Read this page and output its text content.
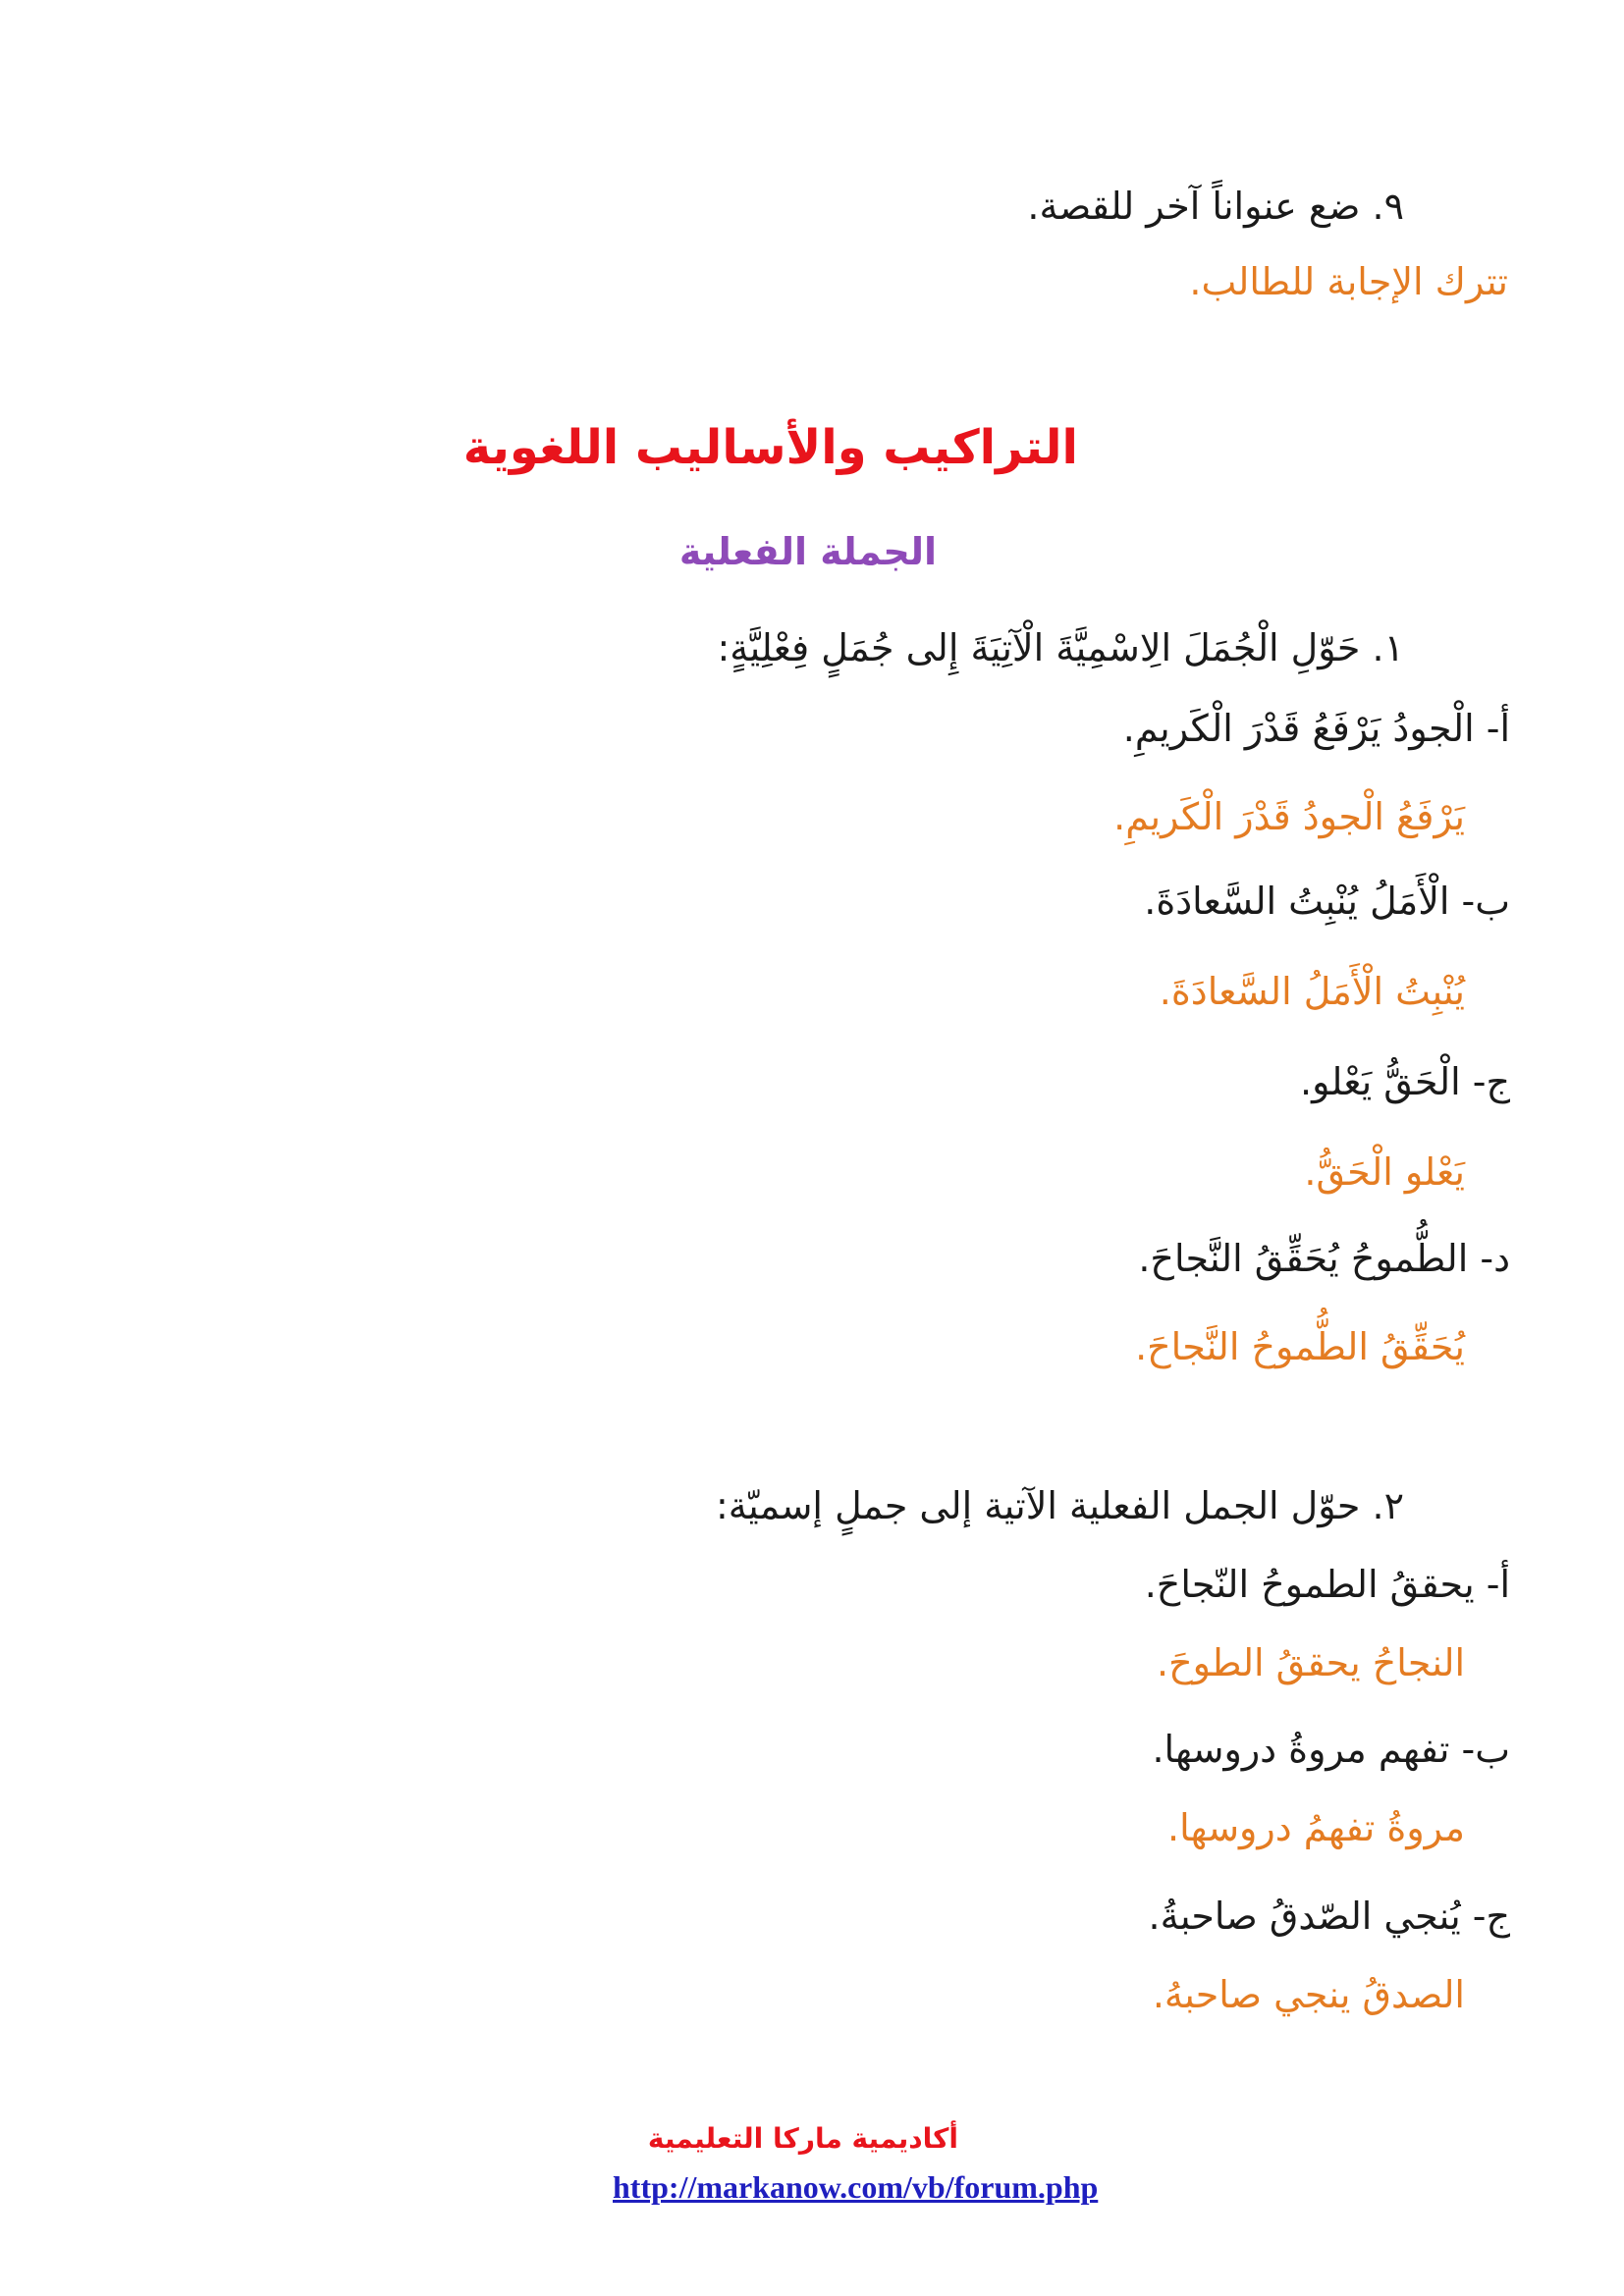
٩. ضع عنواناً آخر للقصة.
تترك الإجابة للطالب.
التراكيب والأساليب اللغوية
الجملة الفعلية
١. حَوّلِ الْجُمَلَ الِاسْمِيَّةَ الْآتِيَةَ إِلى جُمَلٍ فِعْلِيَّةٍ:
أ- الْجودُ يَرْفَعُ قَدْرَ الْكَريمِ.
يَرْفَعُ الْجودُ قَدْرَ الْكَريمِ.
ب- الْأَمَلُ يُنْبِتُ السَّعادَةَ.
يُنْبِتُ الْأَمَلُ السَّعادَةَ.
ج- الْحَقُّ يَعْلو.
يَعْلو الْحَقُّ.
د- الطُّموحُ يُحَقِّقُ النَّجاحَ.
يُحَقِّقُ الطُّموحُ النَّجاحَ.
٢. حوّل الجمل الفعلية الآتية إلى جملٍ إسميّة:
أ- يحققُ الطموحُ النّجاحَ.
النجاحُ يحققُ الطوحَ.
ب- تفهم مروةُ دروسها.
مروةُ تفهمُ دروسها.
ج- يُنجي الصّدقُ صاحبةُ.
الصدقُ ينجي صاحبهُ.
أكاديمية ماركا التعليمية
http://markanow.com/vb/forum.php
